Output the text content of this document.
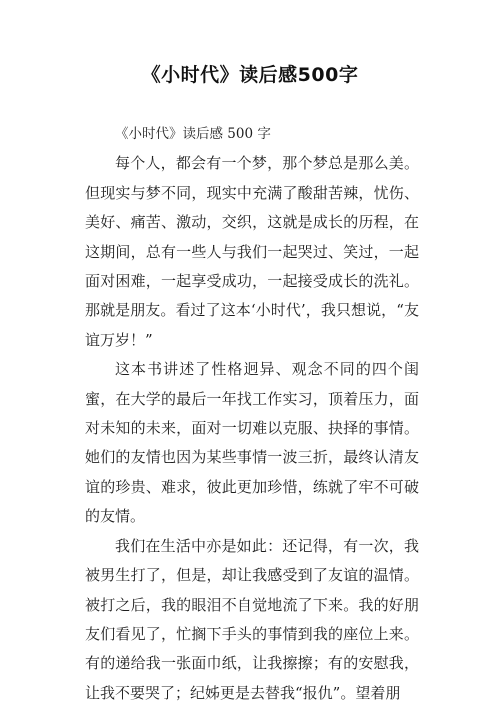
《小时代》读后感500字

《小时代》读后感 500 字

每个人，都会有一个梦，那个梦总是那么美。但现实与梦不同，现实中充满了酸甜苦辣，忧伤、美好、痛苦、激动，交织，这就是成长的历程，在这期间，总有一些人与我们一起哭过、笑过，一起面对困难，一起享受成功，一起接受成长的洗礼。那就是朋友。看过了这本‘小时代’，我只想说，“友谊万岁！”

这本书讲述了性格迥异、观念不同的四个闺蜜，在大学的最后一年找工作实习，顶着压力，面对未知的未来，面对一切难以克服、抉择的事情。她们的友情也因为某些事情一波三折，最终认清友谊的珍贵、难求，彼此更加珍惜，练就了牢不可破的友情。

我们在生活中亦是如此：还记得，有一次，我被男生打了，但是，却让我感受到了友谊的温情。被打之后，我的眼泪不自觉地流了下来。我的好朋友们看见了，忙搁下手头的事情到我的座位上来。有的递给我一张面巾纸，让我擦擦；有的安慰我，让我不要哭了；纪姊更是去替我“报仇”。望着朋
